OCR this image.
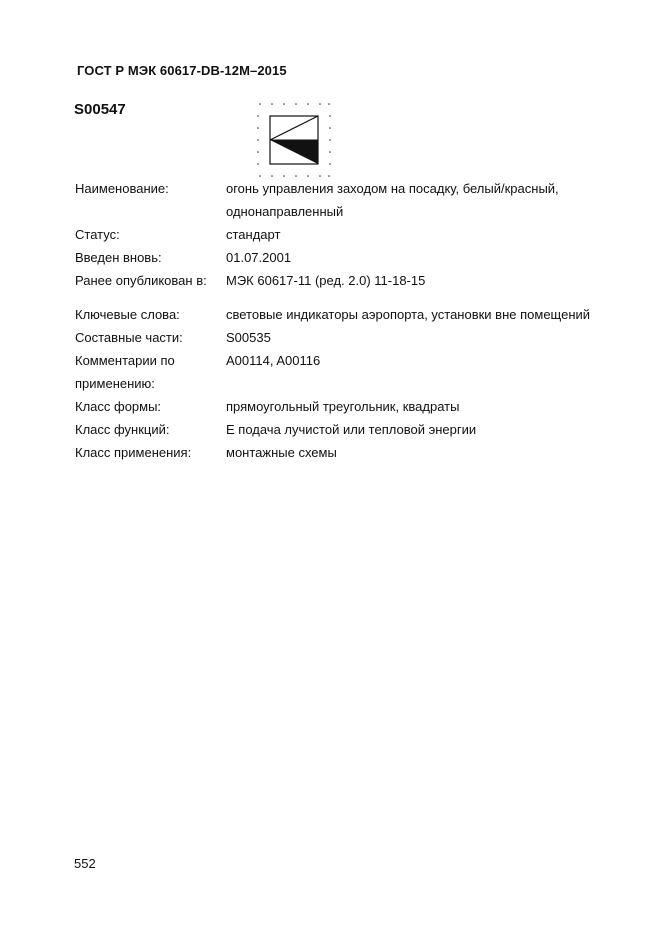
ГОСТ Р МЭК 60617-DB-12M–2015
S00547
Наименование:	огонь управления заходом на посадку, белый/красный, однонаправленный
Статус:	стандарт
Введен вновь:	01.07.2001
Ранее опубликован в:	МЭК 60617-11 (ред. 2.0) 11-18-15
Ключевые слова:	световые индикаторы аэропорта, установки вне помещений
Составные части:	S00535
Комментарии по применению:
A00114, A00116
Класс формы:	прямоугольный треугольник, квадраты
Класс функций:	E подача лучистой или тепловой энергии
Класс применения:	монтажные схемы
552
